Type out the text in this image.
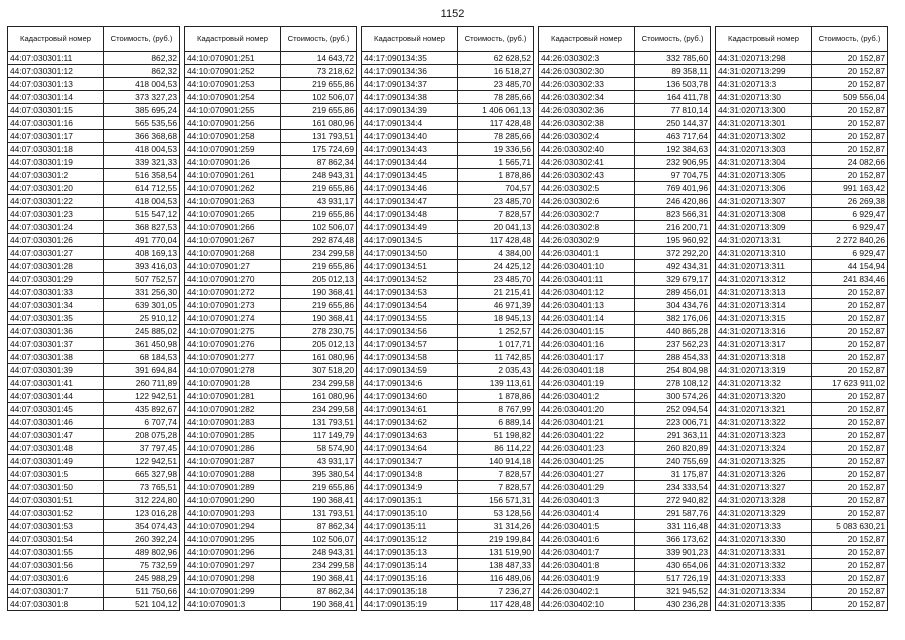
1152
Кадастровый номер	Стоимость, (руб.)
44:07:030301:11	862,32
44:07:030301:12	862,32
44:07:030301:13	418 004,53
44:07:030301:14	373 327,23
44:07:030301:15	385 695,24
44:07:030301:16	565 535,56
44:07:030301:17	366 368,68
44:07:030301:18	418 004,53
44:07:030301:19	339 321,33
44:07:030301:2	516 358,54
44:07:030301:20	614 712,55
44:07:030301:22	418 004,53
44:07:030301:23	515 547,12
44:07:030301:24	368 827,53
44:07:030301:26	491 770,04
44:07:030301:27	408 169,13
44:07:030301:28	393 416,03
44:07:030301:29	507 752,57
44:07:030301:33	331 256,30
44:07:030301:34	639 301,05
44:07:030301:35	25 910,12
44:07:030301:36	245 885,02
44:07:030301:37	361 450,98
44:07:030301:38	68 184,53
44:07:030301:39	391 694,84
44:07:030301:41	260 711,89
44:07:030301:44	122 942,51
44:07:030301:45	435 892,67
44:07:030301:46	6 707,74
44:07:030301:47	208 075,28
44:07:030301:48	37 797,45
44:07:030301:49	122 942,51
44:07:030301:5	665 327,98
44:07:030301:50	73 765,51
44:07:030301:51	312 224,80
44:07:030301:52	123 016,28
44:07:030301:53	354 074,43
44:07:030301:54	260 392,24
44:07:030301:55	489 802,96
44:07:030301:56	75 732,59
44:07:030301:6	245 988,29
44:07:030301:7	511 750,66
44:07:030301:8	521 104,12
Кадастровый номер	Стоимость, (руб.)
44:10:070901:251	14 643,72
44:10:070901:252	73 218,62
44:10:070901:253	219 655,86
44:10:070901:254	102 506,07
44:10:070901:255	219 655,86
44:10:070901:256	161 080,96
44:10:070901:258	131 793,51
44:10:070901:259	175 724,69
44:10:070901:26	87 862,34
44:10:070901:261	248 943,31
44:10:070901:262	219 655,86
44:10:070901:263	43 931,17
44:10:070901:265	219 655,86
44:10:070901:266	102 506,07
44:10:070901:267	292 874,48
44:10:070901:268	234 299,58
44:10:070901:27	219 655,86
44:10:070901:270	205 012,13
44:10:070901:272	190 368,41
44:10:070901:273	219 655,86
44:10:070901:274	190 368,41
44:10:070901:275	278 230,75
44:10:070901:276	205 012,13
44:10:070901:277	161 080,96
44:10:070901:278	307 518,20
44:10:070901:28	234 299,58
44:10:070901:281	161 080,96
44:10:070901:282	234 299,58
44:10:070901:283	131 793,51
44:10:070901:285	117 149,79
44:10:070901:286	58 574,90
44:10:070901:287	43 931,17
44:10:070901:288	395 380,54
44:10:070901:289	219 655,86
44:10:070901:290	190 368,41
44:10:070901:293	131 793,51
44:10:070901:294	87 862,34
44:10:070901:295	102 506,07
44:10:070901:296	248 943,31
44:10:070901:297	234 299,58
44:10:070901:298	190 368,41
44:10:070901:299	87 862,34
44:10:070901:3	190 368,41
Кадастровый номер	Стоимость, (руб.)
44:17:090134:35	62 628,52
44:17:090134:36	16 518,27
44:17:090134:37	23 485,70
44:17:090134:38	78 285,66
44:17:090134:39	1 406 061,13
44:17:090134:4	117 428,48
44:17:090134:40	78 285,66
44:17:090134:43	19 336,56
44:17:090134:44	1 565,71
44:17:090134:45	1 878,86
44:17:090134:46	704,57
44:17:090134:47	23 485,70
44:17:090134:48	7 828,57
44:17:090134:49	20 041,13
44:17:090134:5	117 428,48
44:17:090134:50	4 384,00
44:17:090134:51	24 425,12
44:17:090134:52	23 485,70
44:17:090134:53	21 215,41
44:17:090134:54	46 971,39
44:17:090134:55	18 945,13
44:17:090134:56	1 252,57
44:17:090134:57	1 017,71
44:17:090134:58	11 742,85
44:17:090134:59	2 035,43
44:17:090134:6	139 113,61
44:17:090134:60	1 878,86
44:17:090134:61	8 767,99
44:17:090134:62	6 889,14
44:17:090134:63	51 198,82
44:17:090134:64	86 114,22
44:17:090134:7	140 914,18
44:17:090134:8	7 828,57
44:17:090134:9	7 828,57
44:17:090135:1	156 571,31
44:17:090135:10	53 128,56
44:17:090135:11	31 314,26
44:17:090135:12	219 199,84
44:17:090135:13	131 519,90
44:17:090135:14	138 487,33
44:17:090135:16	116 489,06
44:17:090135:18	7 236,27
44:17:090135:19	117 428,48
Кадастровый номер	Стоимость, (руб.)
44:26:030302:3	332 785,60
44:26:030302:30	89 358,11
44:26:030302:33	136 503,78
44:26:030302:34	164 411,78
44:26:030302:36	77 810,14
44:26:030302:38	250 144,37
44:26:030302:4	463 717,64
44:26:030302:40	192 384,63
44:26:030302:41	232 906,95
44:26:030302:43	97 704,75
44:26:030302:5	769 401,96
44:26:030302:6	246 420,86
44:26:030302:7	823 566,31
44:26:030302:8	216 200,71
44:26:030302:9	195 960,92
44:26:030401:1	372 292,20
44:26:030401:10	492 434,31
44:26:030401:11	329 679,17
44:26:030401:12	289 456,01
44:26:030401:13	304 434,76
44:26:030401:14	382 176,06
44:26:030401:15	440 865,28
44:26:030401:16	237 562,23
44:26:030401:17	288 454,33
44:26:030401:18	254 804,98
44:26:030401:19	278 108,12
44:26:030401:2	300 574,26
44:26:030401:20	252 094,54
44:26:030401:21	223 006,71
44:26:030401:22	291 363,11
44:26:030401:23	260 820,89
44:26:030401:25	240 755,69
44:26:030401:27	31 175,87
44:26:030401:29	234 333,54
44:26:030401:3	272 940,82
44:26:030401:4	291 587,76
44:26:030401:5	331 116,48
44:26:030401:6	366 173,62
44:26:030401:7	339 901,23
44:26:030401:8	430 654,06
44:26:030401:9	517 726,19
44:26:030402:1	321 945,52
44:26:030402:10	430 236,28
Кадастровый номер	Стоимость, (руб.)
44:31:020713:298	20 152,87
44:31:020713:299	20 152,87
44:31:020713:3	20 152,87
44:31:020713:30	509 556,04
44:31:020713:300	20 152,87
44:31:020713:301	20 152,87
44:31:020713:302	20 152,87
44:31:020713:303	20 152,87
44:31:020713:304	24 082,66
44:31:020713:305	20 152,87
44:31:020713:306	991 163,42
44:31:020713:307	26 269,38
44:31:020713:308	6 929,47
44:31:020713:309	6 929,47
44:31:020713:31	2 272 840,26
44:31:020713:310	6 929,47
44:31:020713:311	44 154,94
44:31:020713:312	241 834,46
44:31:020713:313	20 152,87
44:31:020713:314	20 152,87
44:31:020713:315	20 152,87
44:31:020713:316	20 152,87
44:31:020713:317	20 152,87
44:31:020713:318	20 152,87
44:31:020713:319	20 152,87
44:31:020713:32	17 623 911,02
44:31:020713:320	20 152,87
44:31:020713:321	20 152,87
44:31:020713:322	20 152,87
44:31:020713:323	20 152,87
44:31:020713:324	20 152,87
44:31:020713:325	20 152,87
44:31:020713:326	20 152,87
44:31:020713:327	20 152,87
44:31:020713:328	20 152,87
44:31:020713:329	20 152,87
44:31:020713:33	5 083 630,21
44:31:020713:330	20 152,87
44:31:020713:331	20 152,87
44:31:020713:332	20 152,87
44:31:020713:333	20 152,87
44:31:020713:334	20 152,87
44:31:020713:335	20 152,87
